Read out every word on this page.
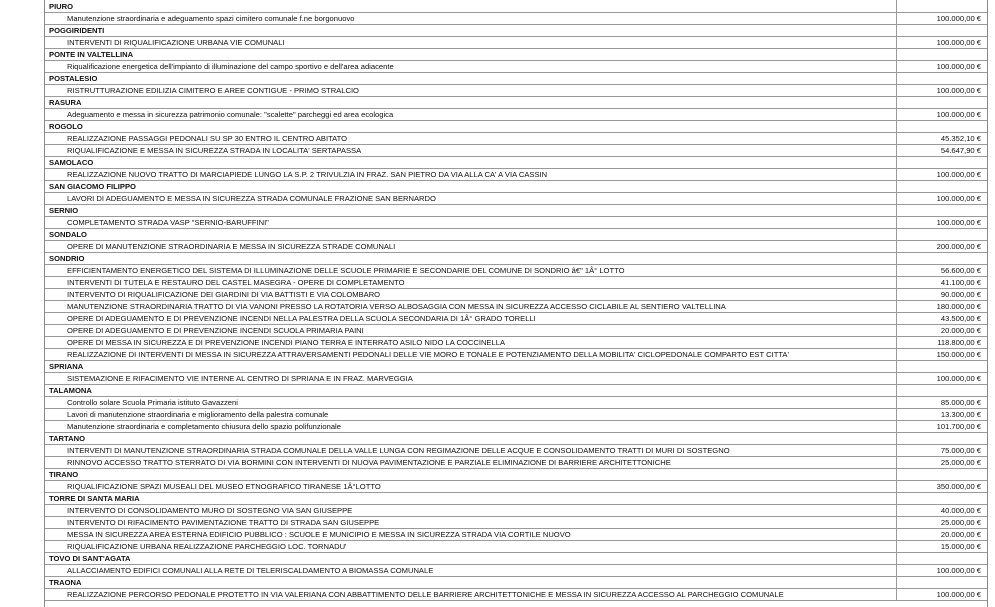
PIURO	
Manutenzione straordinaria e adeguamento spazi cimitero comunale f.ne borgonuovo	100.000,00 €
POGGIRIDENTI	
INTERVENTI DI RIQUALIFICAZIONE URBANA VIE COMUNALI	100.000,00 €
PONTE IN VALTELLINA	
Riqualificazione energetica dell'impianto di illuminazione del campo sportivo e dell'area adiacente	100.000,00 €
POSTALESIO	
RISTRUTTURAZIONE EDILIZIA CIMITERO E AREE CONTIGUE - PRIMO STRALCIO	100.000,00 €
RASURA	
Adeguamento e messa in sicurezza patrimonio comunale: "scalette" parcheggi ed area ecologica	100.000,00 €
ROGOLO	
REALIZZAZIONE PASSAGGI PEDONALI SU SP 30 ENTRO IL CENTRO ABITATO	45.352,10 €
RIQUALIFICAZIONE E MESSA IN SICUREZZA STRADA IN LOCALITA' SERTAPASSA	54.647,90 €
SAMOLACO	
REALIZZAZIONE NUOVO TRATTO DI MARCIAPIEDE LUNGO LA S.P. 2 TRIVULZIA IN FRAZ. SAN PIETRO DA VIA ALLA CA' A VIA CASSIN	100.000,00 €
SAN GIACOMO FILIPPO	
LAVORI DI ADEGUAMENTO E MESSA IN SICUREZZA STRADA COMUNALE FRAZIONE SAN BERNARDO	100.000,00 €
SERNIO	
COMPLETAMENTO STRADA VASP "SERNIO-BARUFFINI"	100.000,00 €
SONDALO	
OPERE DI MANUTENZIONE STRAORDINARIA E MESSA IN SICUREZZA STRADE COMUNALI	200.000,00 €
SONDRIO	
EFFICIENTAMENTO ENERGETICO DEL SISTEMA DI ILLUMINAZIONE DELLE SCUOLE PRIMARIE E SECONDARIE DEL COMUNE DI SONDRIO â€" 1Â° LOTTO	56.600,00 €
INTERVENTI DI TUTELA E RESTAURO DEL CASTEL MASEGRA - OPERE DI COMPLETAMENTO	41.100,00 €
INTERVENTO DI RIQUALIFICAZIONE DEI GIARDINI DI VIA BATTISTI E VIA COLOMBARO	90.000,00 €
MANUTENZIONE STRAORDINARIA TRATTO DI VIA VANONI PRESSO LA ROTATORIA VERSO ALBOSAGGIA CON MESSA IN SICUREZZA ACCESSO CICLABILE AL SENTIERO VALTELLINA	180.000,00 €
OPERE DI ADEGUAMENTO E DI PREVENZIONE INCENDI NELLA PALESTRA DELLA SCUOLA SECONDARIA DI 1Â° GRADO TORELLI	43.500,00 €
OPERE DI ADEGUAMENTO E DI PREVENZIONE INCENDI SCUOLA PRIMARIA PAINI	20.000,00 €
OPERE DI MESSA IN SICUREZZA E DI PREVENZIONE INCENDI PIANO TERRA E INTERRATO ASILO NIDO LA COCCINELLA	118.800,00 €
REALIZZAZIONE DI INTERVENTI DI MESSA IN SICUREZZA ATTRAVERSAMENTI PEDONALI DELLE VIE MORO E TONALE E POTENZIAMENTO DELLA MOBILITA' CICLOPEDONALE COMPARTO EST CITTA'	150.000,00 €
SPRIANA	
SISTEMAZIONE E RIFACIMENTO VIE INTERNE AL CENTRO DI SPRIANA E IN FRAZ. MARVEGGIA	100.000,00 €
TALAMONA	
Controllo solare Scuola Primaria istituto Gavazzeni	85.000,00 €
Lavori di manutenzione straordinaria e miglioramento della palestra comunale	13.300,00 €
Manutenzione straordinaria e completamento chiusura dello spazio polifunzionale	101.700,00 €
TARTANO	
INTERVENTI DI MANUTENZIONE STRAORDINARIA STRADA COMUNALE DELLA VALLE LUNGA CON REGIMAZIONE DELLE ACQUE E CONSOLIDAMENTO TRATTI DI MURI DI SOSTEGNO	75.000,00 €
RINNOVO ACCESSO TRATTO STERRATO DI VIA BORMINI CON INTERVENTI DI NUOVA PAVIMENTAZIONE E PARZIALE ELIMINAZIONE DI BARRIERE ARCHITETTONICHE	25.000,00 €
TIRANO	
RIQUALIFICAZIONE SPAZI MUSEALI DEL MUSEO ETNOGRAFICO TIRANESE 1Â°LOTTO	350.000,00 €
TORRE DI SANTA MARIA	
INTERVENTO DI CONSOLIDAMENTO MURO DI SOSTEGNO VIA SAN GIUSEPPE	40.000,00 €
INTERVENTO DI RIFACIMENTO PAVIMENTAZIONE TRATTO DI STRADA SAN GIUSEPPE	25.000,00 €
MESSA IN SICUREZZA AREA ESTERNA EDIFICIO PUBBLICO : SCUOLE E MUNICIPIO E MESSA IN SICUREZZA STRADA VIA CORTILE NUOVO	20.000,00 €
RIQUALIFICAZIONE URBANA REALIZZAZIONE PARCHEGGIO LOC. TORNADU'	15.000,00 €
TOVO DI SANT'AGATA	
ALLACCIAMENTO EDIFICI COMUNALI ALLA RETE DI TELERISCALDAMENTO A BIOMASSA COMUNALE	100.000,00 €
TRAONA	
REALIZZAZIONE PERCORSO PEDONALE PROTETTO IN VIA VALERIANA CON ABBATTIMENTO DELLE BARRIERE ARCHITETTONICHE E MESSA IN SICUREZZA ACCESSO AL PARCHEGGIO COMUNALE	100.000,00 €
